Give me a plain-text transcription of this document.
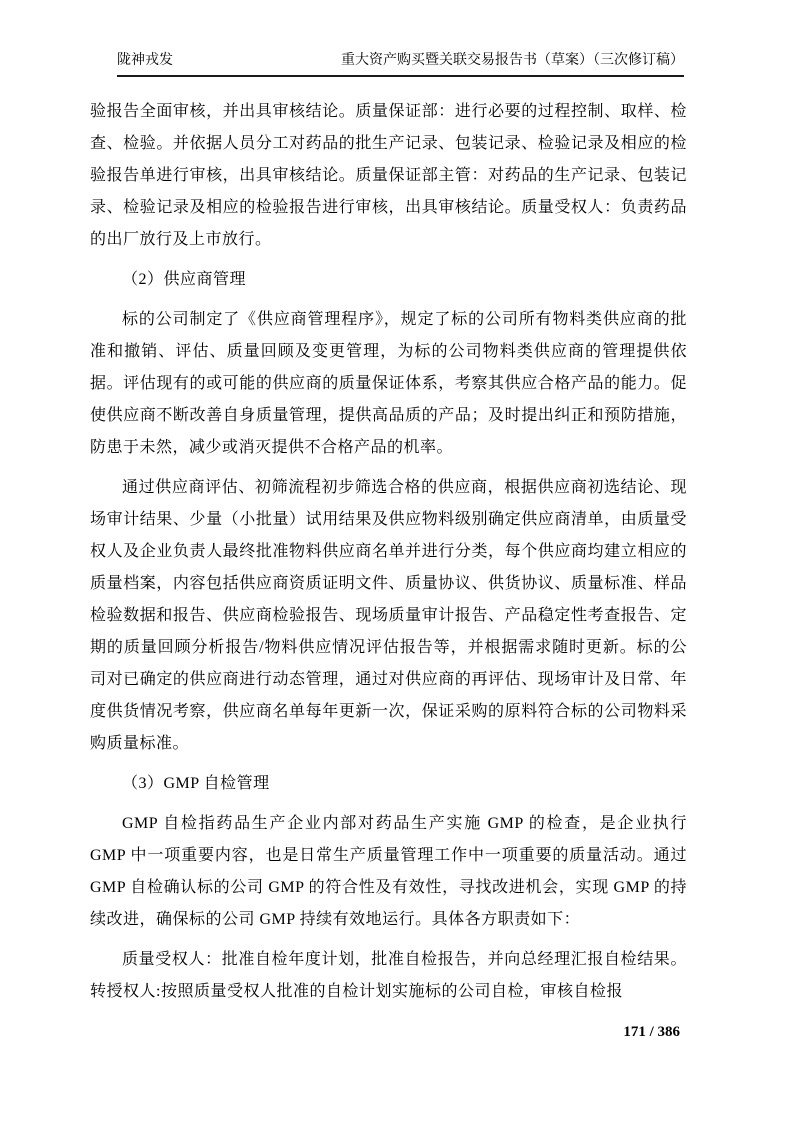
陇神戎发	重大资产购买暨关联交易报告书（草案）（三次修订稿）

验报告全面审核，并出具审核结论。质量保证部：进行必要的过程控制、取样、检查、检验。并依据人员分工对药品的批生产记录、包装记录、检验记录及相应的检验报告单进行审核，出具审核结论。质量保证部主管：对药品的生产记录、包装记录、检验记录及相应的检验报告进行审核，出具审核结论。质量受权人：负责药品的出厂放行及上市放行。

（2）供应商管理

标的公司制定了《供应商管理程序》，规定了标的公司所有物料类供应商的批准和撤销、评估、质量回顾及变更管理，为标的公司物料类供应商的管理提供依据。评估现有的或可能的供应商的质量保证体系，考察其供应合格产品的能力。促使供应商不断改善自身质量管理，提供高品质的产品；及时提出纠正和预防措施，防患于未然，减少或消灭提供不合格产品的机率。

通过供应商评估、初筛流程初步筛选合格的供应商，根据供应商初选结论、现场审计结果、少量（小批量）试用结果及供应物料级别确定供应商清单，由质量受权人及企业负责人最终批准物料供应商名单并进行分类，每个供应商均建立相应的质量档案，内容包括供应商资质证明文件、质量协议、供货协议、质量标准、样品检验数据和报告、供应商检验报告、现场质量审计报告、产品稳定性考查报告、定期的质量回顾分析报告/物料供应情况评估报告等，并根据需求随时更新。标的公司对已确定的供应商进行动态管理，通过对供应商的再评估、现场审计及日常、年度供货情况考察，供应商名单每年更新一次，保证采购的原料符合标的公司物料采购质量标准。

（3）GMP 自检管理

GMP 自检指药品生产企业内部对药品生产实施 GMP 的检查，是企业执行 GMP 中一项重要内容，也是日常生产质量管理工作中一项重要的质量活动。通过 GMP 自检确认标的公司 GMP 的符合性及有效性，寻找改进机会，实现 GMP 的持续改进，确保标的公司 GMP 持续有效地运行。具体各方职责如下：

质量受权人：批准自检年度计划，批准自检报告，并向总经理汇报自检结果。转授权人:按照质量受权人批准的自检计划实施标的公司自检，审核自检报

171 / 386
